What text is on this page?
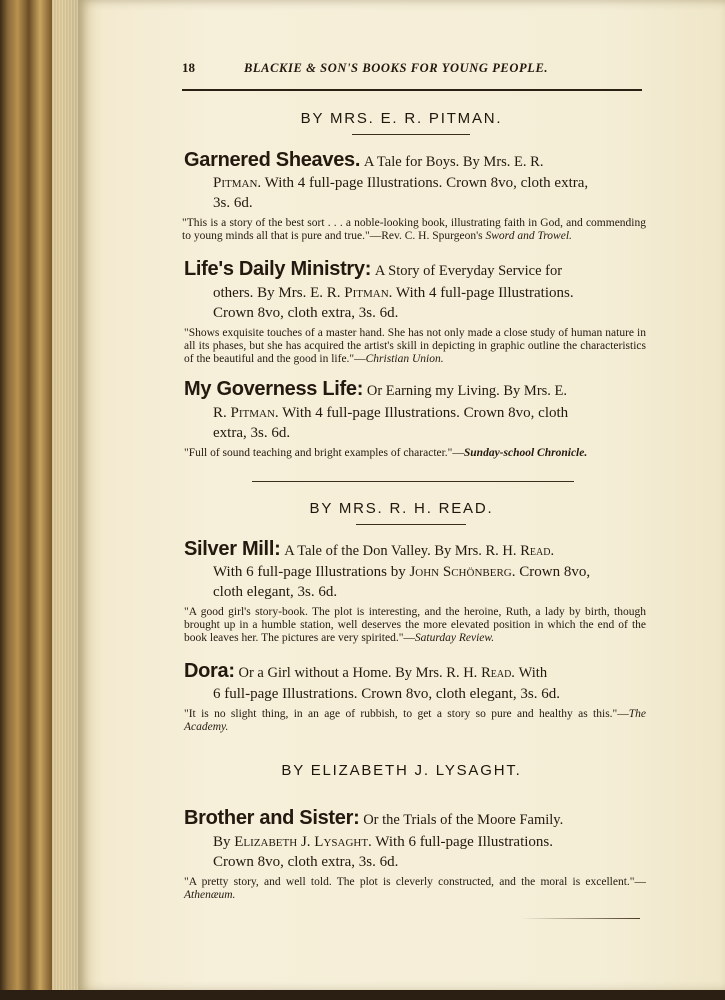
18	BLACKIE & SON'S BOOKS FOR YOUNG PEOPLE.
BY MRS. E. R. PITMAN.
Garnered Sheaves. A Tale for Boys. By Mrs. E. R.
Pitman. With 4 full-page Illustrations. Crown 8vo, cloth extra,
3s. 6d.
"This is a story of the best sort . . . a noble-looking book, illustrating faith in God, and commending to young minds all that is pure and true."—Rev. C. H. Spurgeon's Sword and Trowel.
Life's Daily Ministry: A Story of Everyday Service for
others. By Mrs. E. R. Pitman. With 4 full-page Illustrations.
Crown 8vo, cloth extra, 3s. 6d.
"Shows exquisite touches of a master hand. She has not only made a close study of human nature in all its phases, but she has acquired the artist's skill in depicting in graphic outline the characteristics of the beautiful and the good in life."—Christian Union.
My Governess Life: Or Earning my Living. By Mrs. E.
R. Pitman. With 4 full-page Illustrations. Crown 8vo, cloth
extra, 3s. 6d.
"Full of sound teaching and bright examples of character."—Sunday-school Chronicle.
BY MRS. R. H. READ.
Silver Mill: A Tale of the Don Valley. By Mrs. R. H. Read.
With 6 full-page Illustrations by John Schönberg. Crown 8vo,
cloth elegant, 3s. 6d.
"A good girl's story-book. The plot is interesting, and the heroine, Ruth, a lady by birth, though brought up in a humble station, well deserves the more elevated position in which the end of the book leaves her. The pictures are very spirited."—Saturday Review.
Dora: Or a Girl without a Home. By Mrs. R. H. Read. With
6 full-page Illustrations. Crown 8vo, cloth elegant, 3s. 6d.
"It is no slight thing, in an age of rubbish, to get a story so pure and healthy as this."—The Academy.
BY ELIZABETH J. LYSAGHT.
Brother and Sister: Or the Trials of the Moore Family.
By Elizabeth J. Lysaght. With 6 full-page Illustrations.
Crown 8vo, cloth extra, 3s. 6d.
"A pretty story, and well told. The plot is cleverly constructed, and the moral is excellent."—Athenæum.
